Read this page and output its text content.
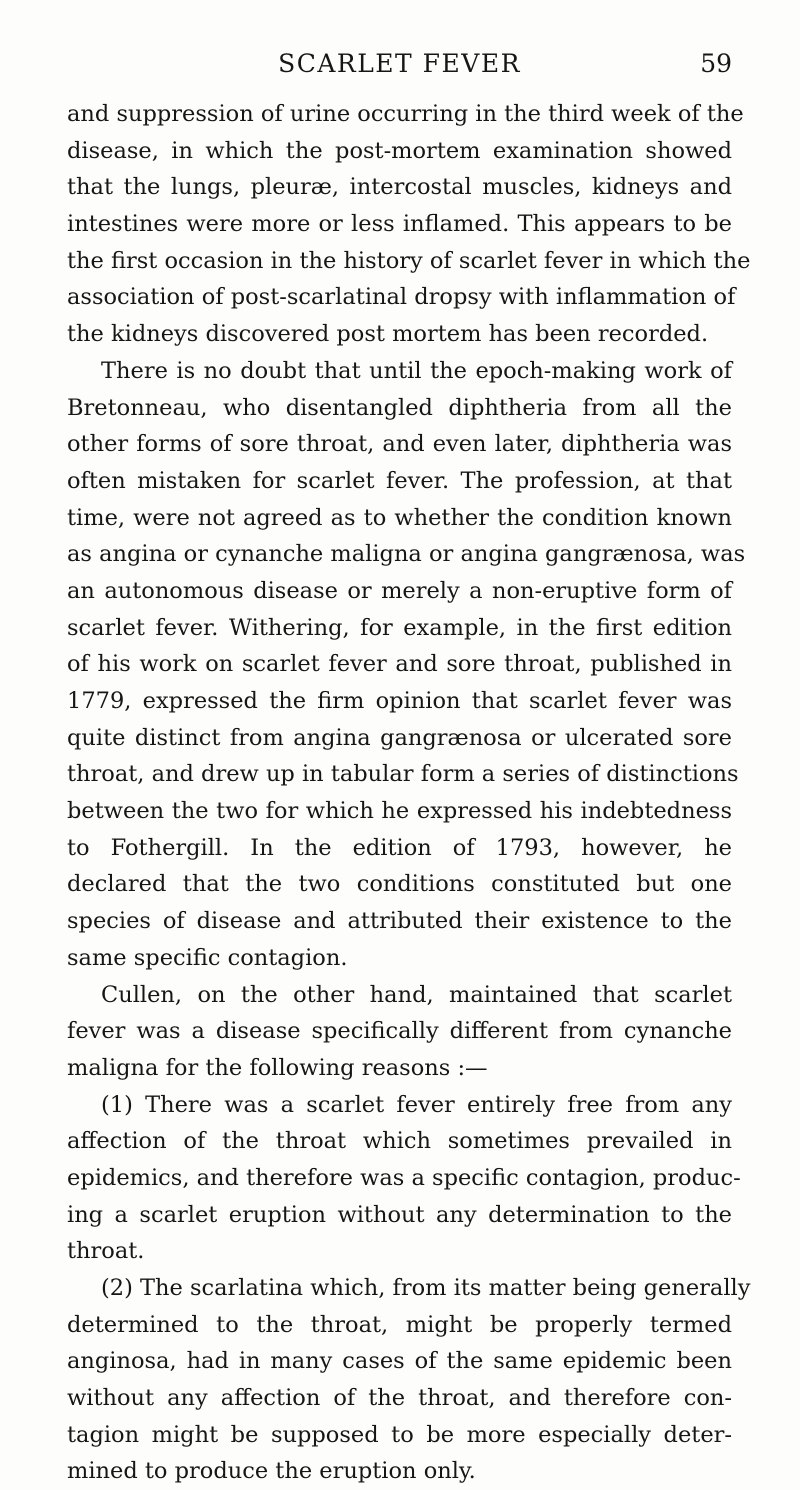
SCARLET FEVER	59
and suppression of urine occurring in the third week of the
disease, in which the post-mortem examination showed
that the lungs, pleuræ, intercostal muscles, kidneys and
intestines were more or less inflamed. This appears to be
the first occasion in the history of scarlet fever in which the
association of post-scarlatinal dropsy with inflammation of
the kidneys discovered post mortem has been recorded.
There is no doubt that until the epoch-making work of
Bretonneau, who disentangled diphtheria from all the
other forms of sore throat, and even later, diphtheria was
often mistaken for scarlet fever. The profession, at that
time, were not agreed as to whether the condition known
as angina or cynanche maligna or angina gangrænosa, was
an autonomous disease or merely a non-eruptive form of
scarlet fever. Withering, for example, in the first edition
of his work on scarlet fever and sore throat, published in
1779, expressed the firm opinion that scarlet fever was
quite distinct from angina gangrænosa or ulcerated sore
throat, and drew up in tabular form a series of distinctions
between the two for which he expressed his indebtedness
to Fothergill. In the edition of 1793, however, he
declared that the two conditions constituted but one
species of disease and attributed their existence to the
same specific contagion.
Cullen, on the other hand, maintained that scarlet
fever was a disease specifically different from cynanche
maligna for the following reasons :—
(1) There was a scarlet fever entirely free from any
affection of the throat which sometimes prevailed in
epidemics, and therefore was a specific contagion, produc-
ing a scarlet eruption without any determination to the
throat.
(2) The scarlatina which, from its matter being generally
determined to the throat, might be properly termed
anginosa, had in many cases of the same epidemic been
without any affection of the throat, and therefore con-
tagion might be supposed to be more especially deter-
mined to produce the eruption only.
